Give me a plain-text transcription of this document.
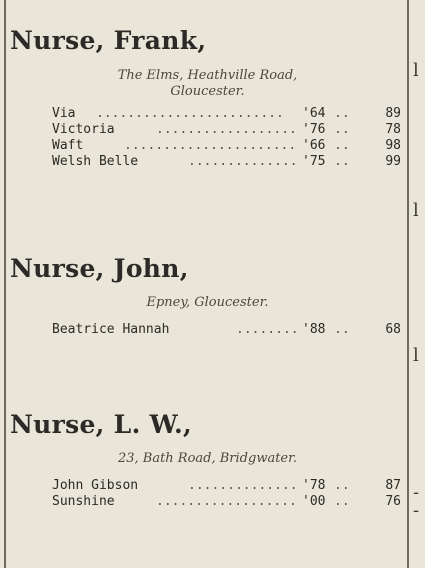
l
l
l
-
-
Nurse, Frank,
The Elms, Heathville Road,
Gloucester.
Via ........................ '64 ..	89
Victoria	.................. '76 ..	78
Waft	...................... '66 ..	98
Welsh Belle	.............. '75 ..	99
Nurse, John,
Epney, Gloucester.
Beatrice Hannah	........ '88 ..	68
Nurse, L. W.,
23, Bath Road, Bridgwater.
John Gibson	.............. '78 ..	87
Sunshine	.................. '00 ..	76
